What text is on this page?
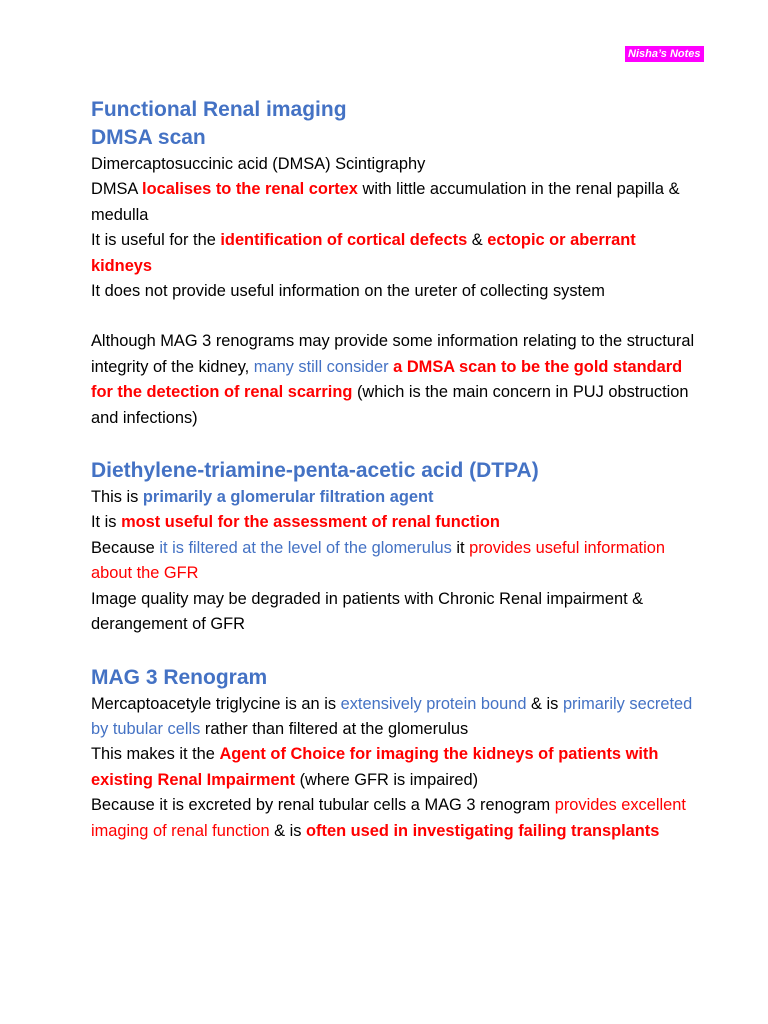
Nisha’s Notes
Functional Renal imaging
DMSA scan

Dimercaptosuccinic acid (DMSA) Scintigraphy

DMSA localises to the renal cortex with little accumulation in the renal papilla & medulla

It is useful for the identification of cortical defects & ectopic or aberrant kidneys

It does not provide useful information on the ureter of collecting system

Although MAG 3 renograms may provide some information relating to the structural integrity of the kidney, many still consider a DMSA scan to be the gold standard for the detection of renal scarring (which is the main concern in PUJ obstruction and infections)

Diethylene-triamine-penta-acetic acid (DTPA)

This is primarily a glomerular filtration agent

It is most useful for the assessment of renal function

Because it is filtered at the level of the glomerulus it provides useful information about the GFR

Image quality may be degraded in patients with Chronic Renal impairment & derangement of GFR

MAG 3 Renogram

Mercaptoacetyle triglycine is an is extensively protein bound & is primarily secreted by tubular cells rather than filtered at the glomerulus

This makes it the Agent of Choice for imaging the kidneys of patients with existing Renal Impairment (where GFR is impaired)

Because it is excreted by renal tubular cells a MAG 3 renogram provides excellent imaging of renal function & is often used in investigating failing transplants
